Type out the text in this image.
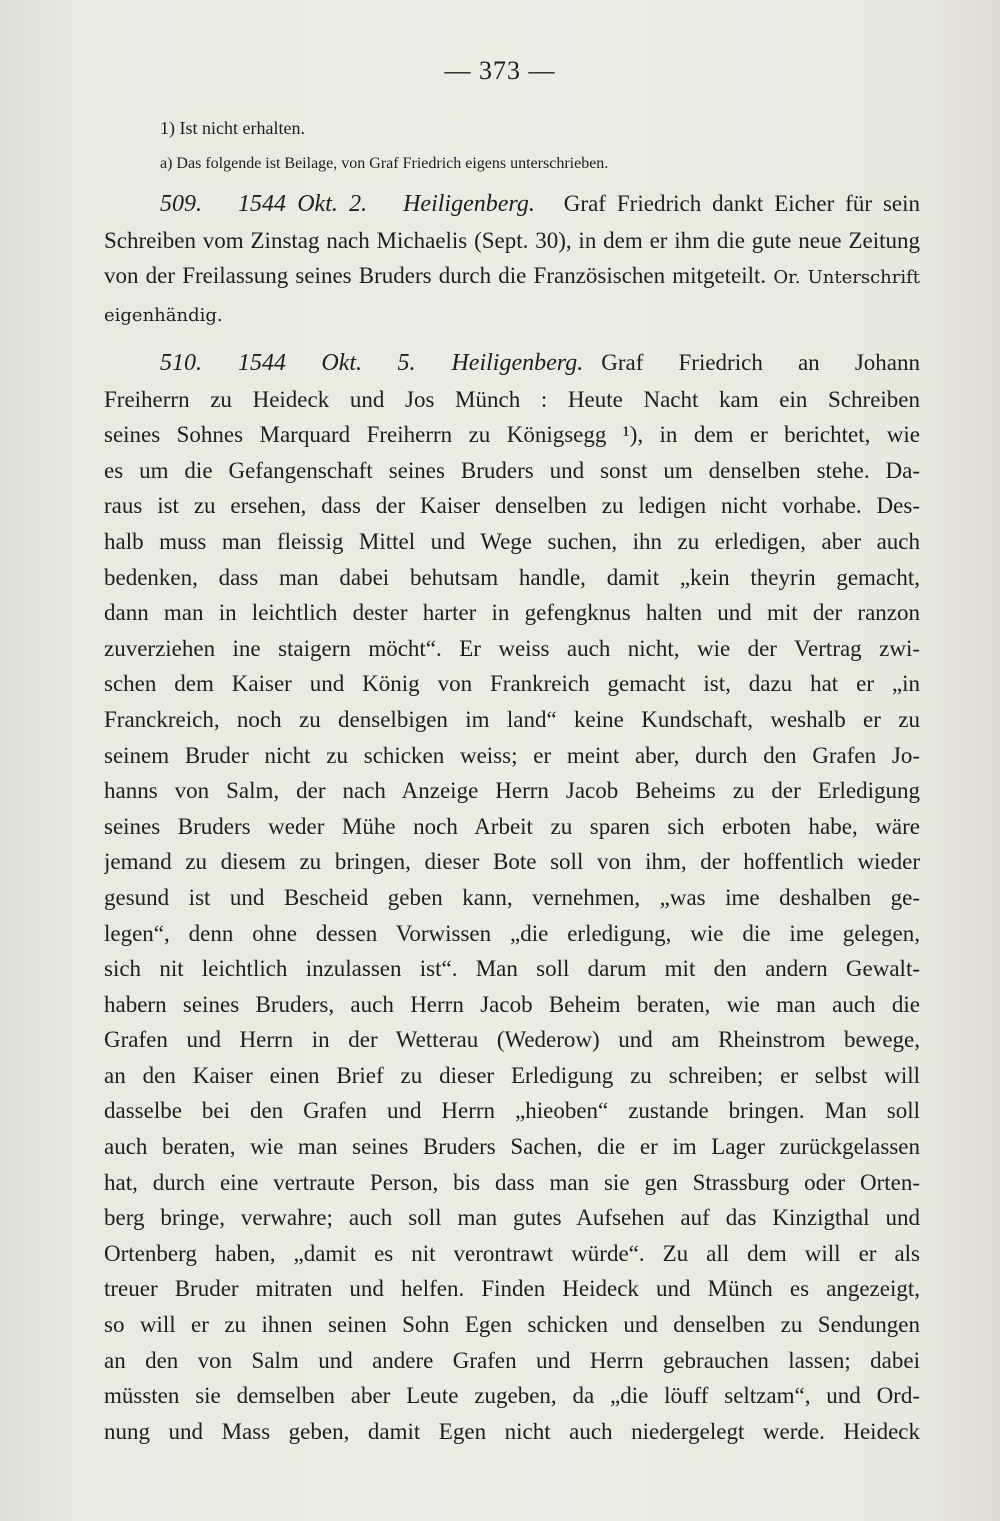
— 373 —
1) Ist nicht erhalten.
a) Das folgende ist Beilage, von Graf Friedrich eigens unterschrieben.

509. 1544 Okt. 2. Heiligenberg. Graf Friedrich dankt Eicher für sein Schreiben vom Zinstag nach Michaelis (Sept. 30), in dem er ihm die gute neue Zeitung von der Freilassung seines Bruders durch die Französischen mitgeteilt. Or. Unterschrift eigenhändig.

510. 1544 Okt. 5. Heiligenberg. Graf Friedrich an Johann
Freiherrn zu Heideck und Jos Münch : Heute Nacht kam ein Schreiben
seines Sohnes Marquard Freiherrn zu Königsegg ¹), in dem er berichtet, wie
es um die Gefangenschaft seines Bruders und sonst um denselben stehe. Da-
raus ist zu ersehen, dass der Kaiser denselben zu ledigen nicht vorhabe. Des-
halb muss man fleissig Mittel und Wege suchen, ihn zu erledigen, aber auch
bedenken, dass man dabei behutsam handle, damit „kein theyrin gemacht,
dann man in leichtlich dester harter in gefengknus halten und mit der ranzon
zuverziehen ine staigern möcht“. Er weiss auch nicht, wie der Vertrag zwi-
schen dem Kaiser und König von Frankreich gemacht ist, dazu hat er „in
Franckreich, noch zu denselbigen im land“ keine Kundschaft, weshalb er zu
seinem Bruder nicht zu schicken weiss; er meint aber, durch den Grafen Jo-
hanns von Salm, der nach Anzeige Herrn Jacob Beheims zu der Erledigung
seines Bruders weder Mühe noch Arbeit zu sparen sich erboten habe, wäre
jemand zu diesem zu bringen, dieser Bote soll von ihm, der hoffentlich wieder
gesund ist und Bescheid geben kann, vernehmen, „was ime deshalben ge-
legen“, denn ohne dessen Vorwissen „die erledigung, wie die ime gelegen,
sich nit leichtlich inzulassen ist“. Man soll darum mit den andern Gewalt-
habern seines Bruders, auch Herrn Jacob Beheim beraten, wie man auch die
Grafen und Herrn in der Wetterau (Wederow) und am Rheinstrom bewege,
an den Kaiser einen Brief zu dieser Erledigung zu schreiben; er selbst will
dasselbe bei den Grafen und Herrn „hieoben“ zustande bringen. Man soll
auch beraten, wie man seines Bruders Sachen, die er im Lager zurückgelassen
hat, durch eine vertraute Person, bis dass man sie gen Strassburg oder Orten-
berg bringe, verwahre; auch soll man gutes Aufsehen auf das Kinzigthal und
Ortenberg haben, „damit es nit verontrawt würde“. Zu all dem will er als
treuer Bruder mitraten und helfen. Finden Heideck und Münch es angezeigt,
so will er zu ihnen seinen Sohn Egen schicken und denselben zu Sendungen
an den von Salm und andere Grafen und Herrn gebrauchen lassen; dabei
müssten sie demselben aber Leute zugeben, da „die löuff seltzam“, und Ord-
nung und Mass geben, damit Egen nicht auch niedergelegt werde. Heideck
